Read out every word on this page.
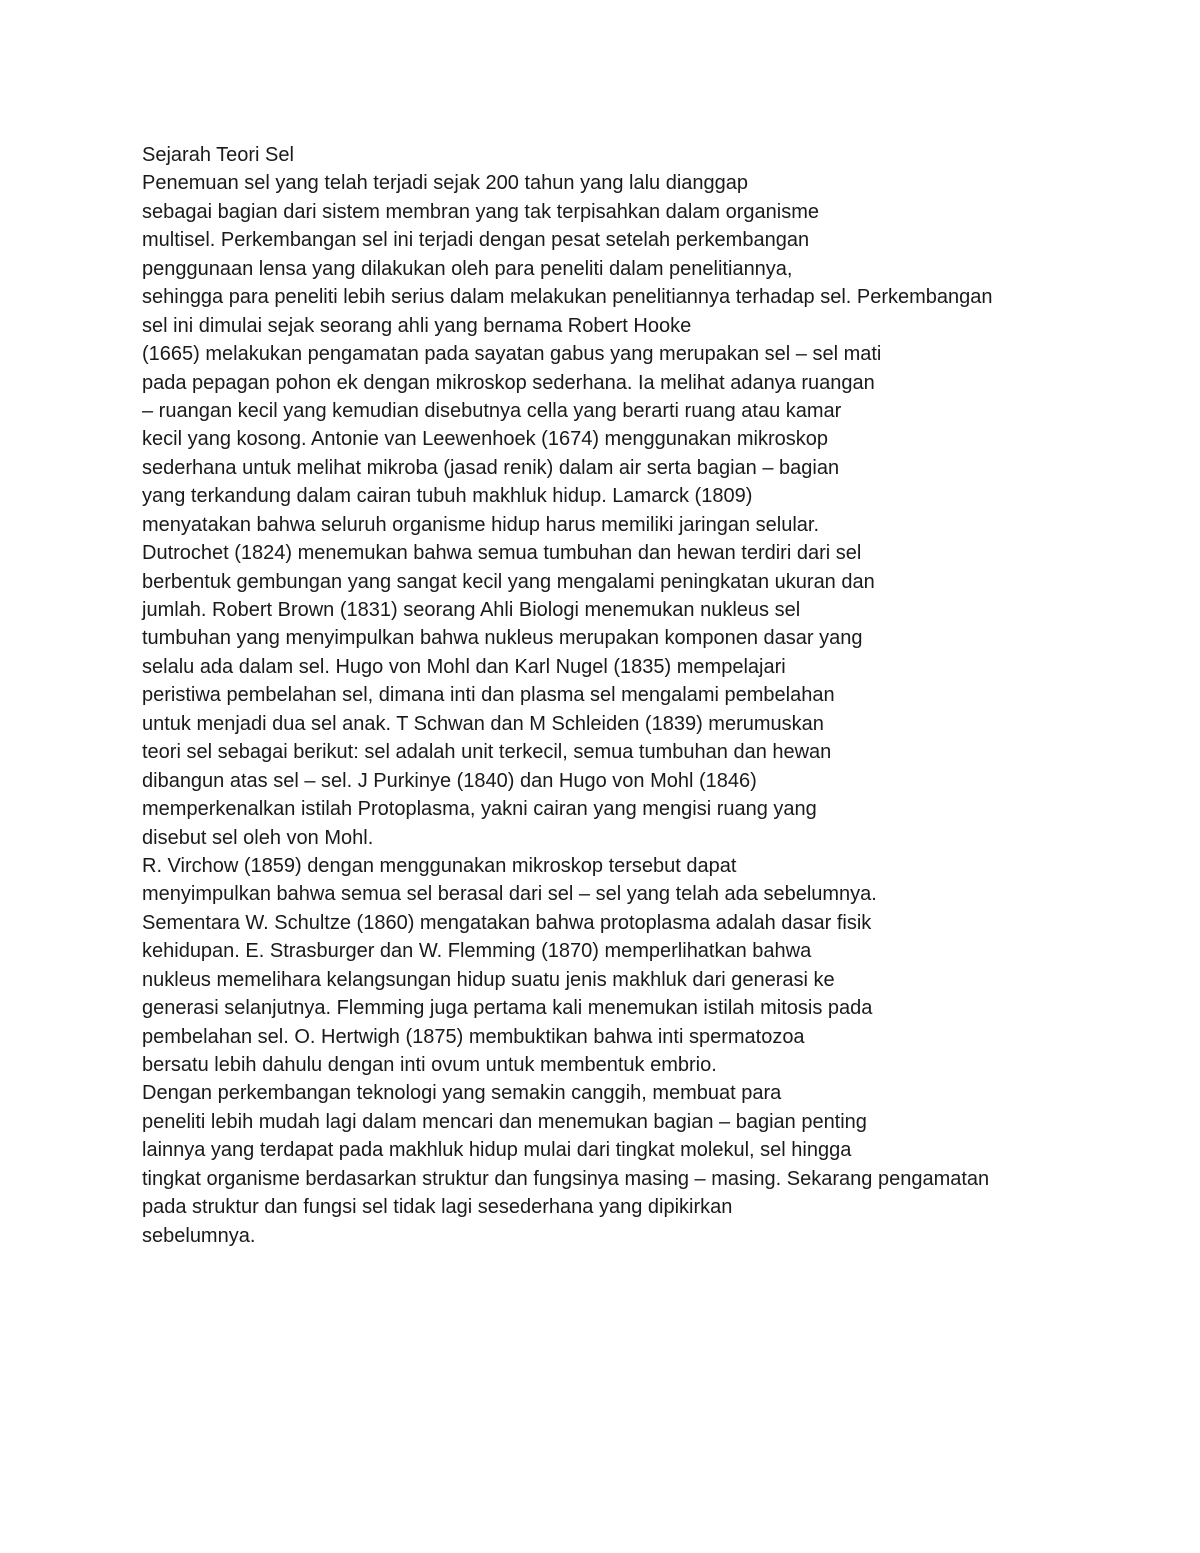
Sejarah Teori Sel
Penemuan sel yang telah terjadi sejak 200 tahun yang lalu dianggap
sebagai bagian dari sistem membran yang tak terpisahkan dalam organisme
multisel. Perkembangan sel ini terjadi dengan pesat setelah perkembangan
penggunaan lensa yang dilakukan oleh para peneliti dalam penelitiannya,
sehingga para peneliti lebih serius dalam melakukan penelitiannya terhadap sel. Perkembangan
sel ini dimulai sejak seorang ahli yang bernama Robert Hooke
(1665) melakukan pengamatan pada sayatan gabus yang merupakan sel – sel mati
pada pepagan pohon ek dengan mikroskop sederhana. Ia melihat adanya ruangan
– ruangan kecil yang kemudian disebutnya cella yang berarti ruang atau kamar
kecil yang kosong. Antonie van Leewenhoek (1674) menggunakan mikroskop
sederhana untuk melihat mikroba (jasad renik) dalam air serta bagian – bagian
yang terkandung dalam cairan tubuh makhluk hidup. Lamarck (1809)
menyatakan bahwa seluruh organisme hidup harus memiliki jaringan selular.
Dutrochet (1824) menemukan bahwa semua tumbuhan dan hewan terdiri dari sel
berbentuk gembungan yang sangat kecil yang mengalami peningkatan ukuran dan
jumlah. Robert Brown (1831) seorang Ahli Biologi menemukan nukleus sel
tumbuhan yang menyimpulkan bahwa nukleus merupakan komponen dasar yang
selalu ada dalam sel. Hugo von Mohl dan Karl Nugel (1835) mempelajari
peristiwa pembelahan sel, dimana inti dan plasma sel mengalami pembelahan
untuk menjadi dua sel anak. T Schwan dan M Schleiden (1839) merumuskan
teori sel sebagai berikut: sel adalah unit terkecil, semua tumbuhan dan hewan
dibangun atas sel – sel. J Purkinye (1840) dan Hugo von Mohl (1846)
memperkenalkan istilah Protoplasma, yakni cairan yang mengisi ruang yang
disebut sel oleh von Mohl.
R. Virchow (1859) dengan menggunakan mikroskop tersebut dapat
menyimpulkan bahwa semua sel berasal dari sel – sel yang telah ada sebelumnya.
Sementara W. Schultze (1860) mengatakan bahwa protoplasma adalah dasar fisik
kehidupan. E. Strasburger dan W. Flemming (1870) memperlihatkan bahwa
nukleus memelihara kelangsungan hidup suatu jenis makhluk dari generasi ke
generasi selanjutnya. Flemming juga pertama kali menemukan istilah mitosis pada
pembelahan sel. O. Hertwigh (1875) membuktikan bahwa inti spermatozoa
bersatu lebih dahulu dengan inti ovum untuk membentuk embrio.
Dengan perkembangan teknologi yang semakin canggih, membuat para
peneliti lebih mudah lagi dalam mencari dan menemukan bagian – bagian penting
lainnya yang terdapat pada makhluk hidup mulai dari tingkat molekul, sel hingga
tingkat organisme berdasarkan struktur dan fungsinya masing – masing. Sekarang pengamatan
pada struktur dan fungsi sel tidak lagi sesederhana yang dipikirkan
sebelumnya.
